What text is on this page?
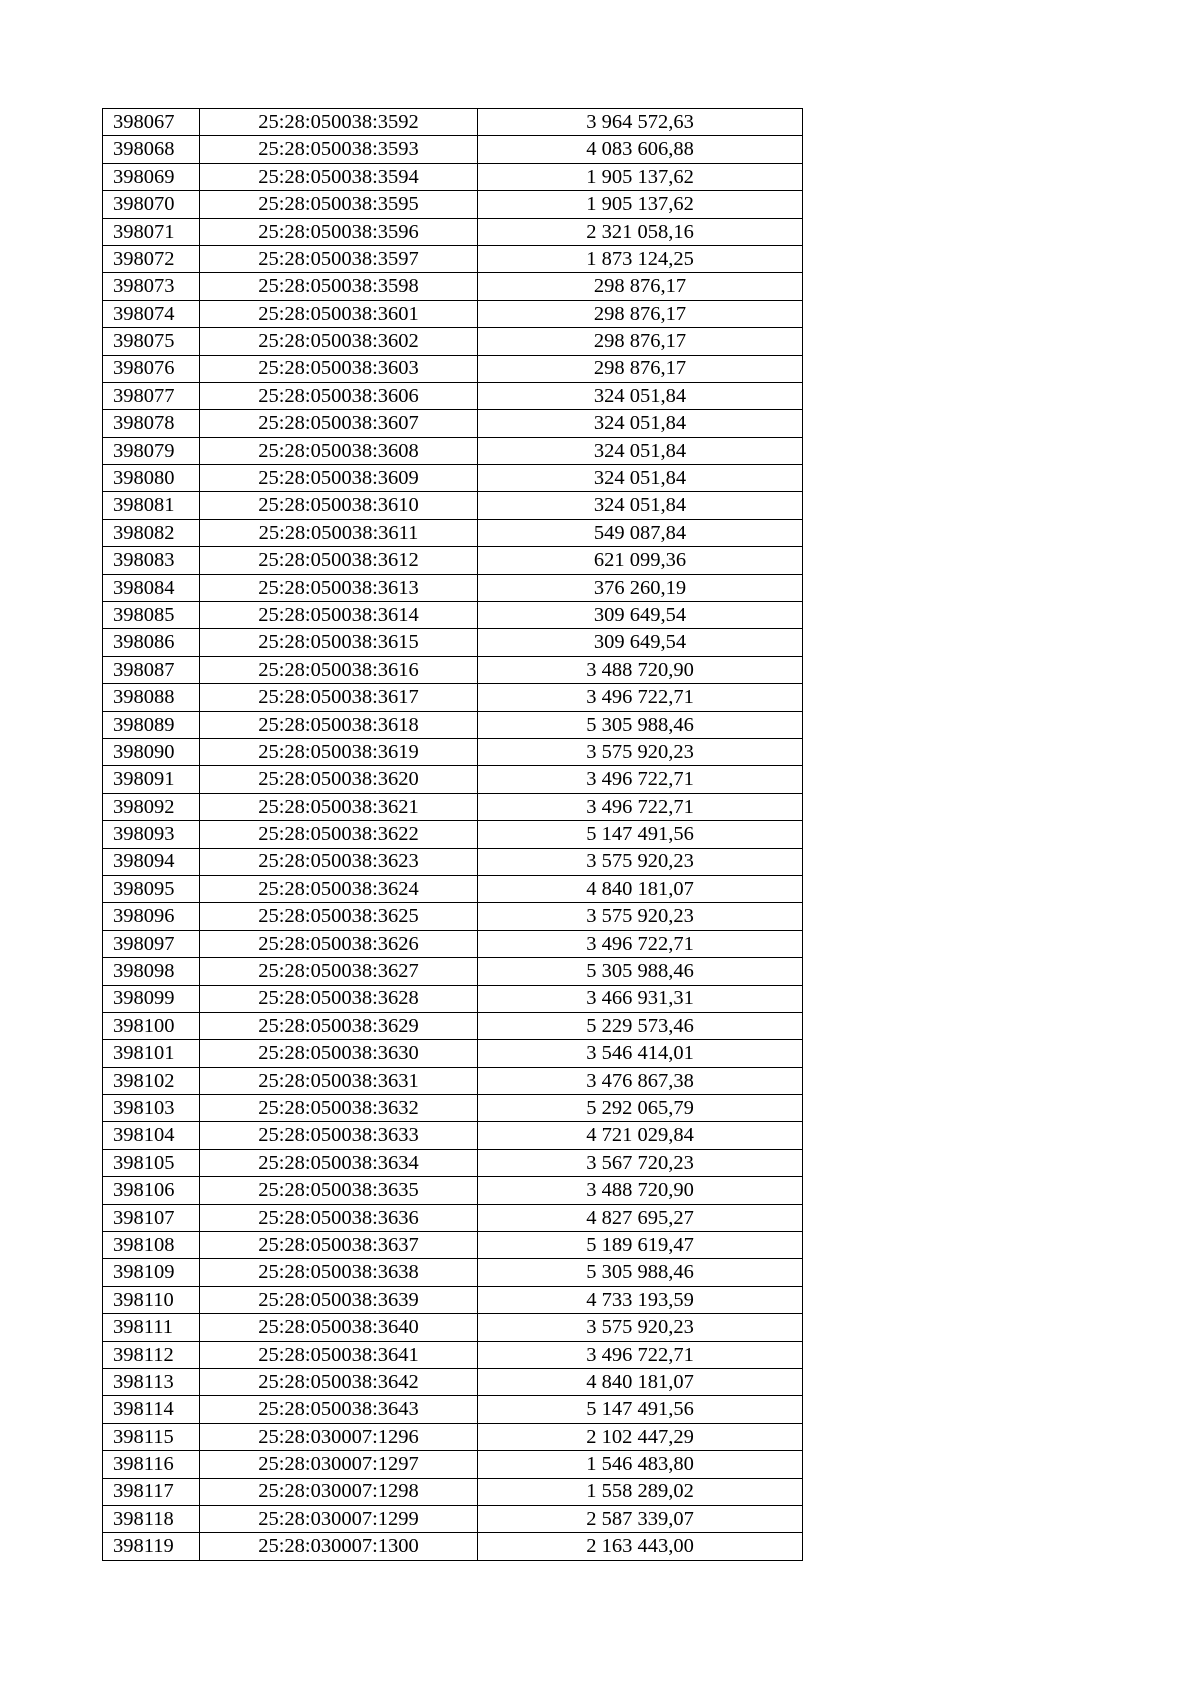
398067	25:28:050038:3592	3 964 572,63
398068	25:28:050038:3593	4 083 606,88
398069	25:28:050038:3594	1 905 137,62
398070	25:28:050038:3595	1 905 137,62
398071	25:28:050038:3596	2 321 058,16
398072	25:28:050038:3597	1 873 124,25
398073	25:28:050038:3598	298 876,17
398074	25:28:050038:3601	298 876,17
398075	25:28:050038:3602	298 876,17
398076	25:28:050038:3603	298 876,17
398077	25:28:050038:3606	324 051,84
398078	25:28:050038:3607	324 051,84
398079	25:28:050038:3608	324 051,84
398080	25:28:050038:3609	324 051,84
398081	25:28:050038:3610	324 051,84
398082	25:28:050038:3611	549 087,84
398083	25:28:050038:3612	621 099,36
398084	25:28:050038:3613	376 260,19
398085	25:28:050038:3614	309 649,54
398086	25:28:050038:3615	309 649,54
398087	25:28:050038:3616	3 488 720,90
398088	25:28:050038:3617	3 496 722,71
398089	25:28:050038:3618	5 305 988,46
398090	25:28:050038:3619	3 575 920,23
398091	25:28:050038:3620	3 496 722,71
398092	25:28:050038:3621	3 496 722,71
398093	25:28:050038:3622	5 147 491,56
398094	25:28:050038:3623	3 575 920,23
398095	25:28:050038:3624	4 840 181,07
398096	25:28:050038:3625	3 575 920,23
398097	25:28:050038:3626	3 496 722,71
398098	25:28:050038:3627	5 305 988,46
398099	25:28:050038:3628	3 466 931,31
398100	25:28:050038:3629	5 229 573,46
398101	25:28:050038:3630	3 546 414,01
398102	25:28:050038:3631	3 476 867,38
398103	25:28:050038:3632	5 292 065,79
398104	25:28:050038:3633	4 721 029,84
398105	25:28:050038:3634	3 567 720,23
398106	25:28:050038:3635	3 488 720,90
398107	25:28:050038:3636	4 827 695,27
398108	25:28:050038:3637	5 189 619,47
398109	25:28:050038:3638	5 305 988,46
398110	25:28:050038:3639	4 733 193,59
398111	25:28:050038:3640	3 575 920,23
398112	25:28:050038:3641	3 496 722,71
398113	25:28:050038:3642	4 840 181,07
398114	25:28:050038:3643	5 147 491,56
398115	25:28:030007:1296	2 102 447,29
398116	25:28:030007:1297	1 546 483,80
398117	25:28:030007:1298	1 558 289,02
398118	25:28:030007:1299	2 587 339,07
398119	25:28:030007:1300	2 163 443,00
